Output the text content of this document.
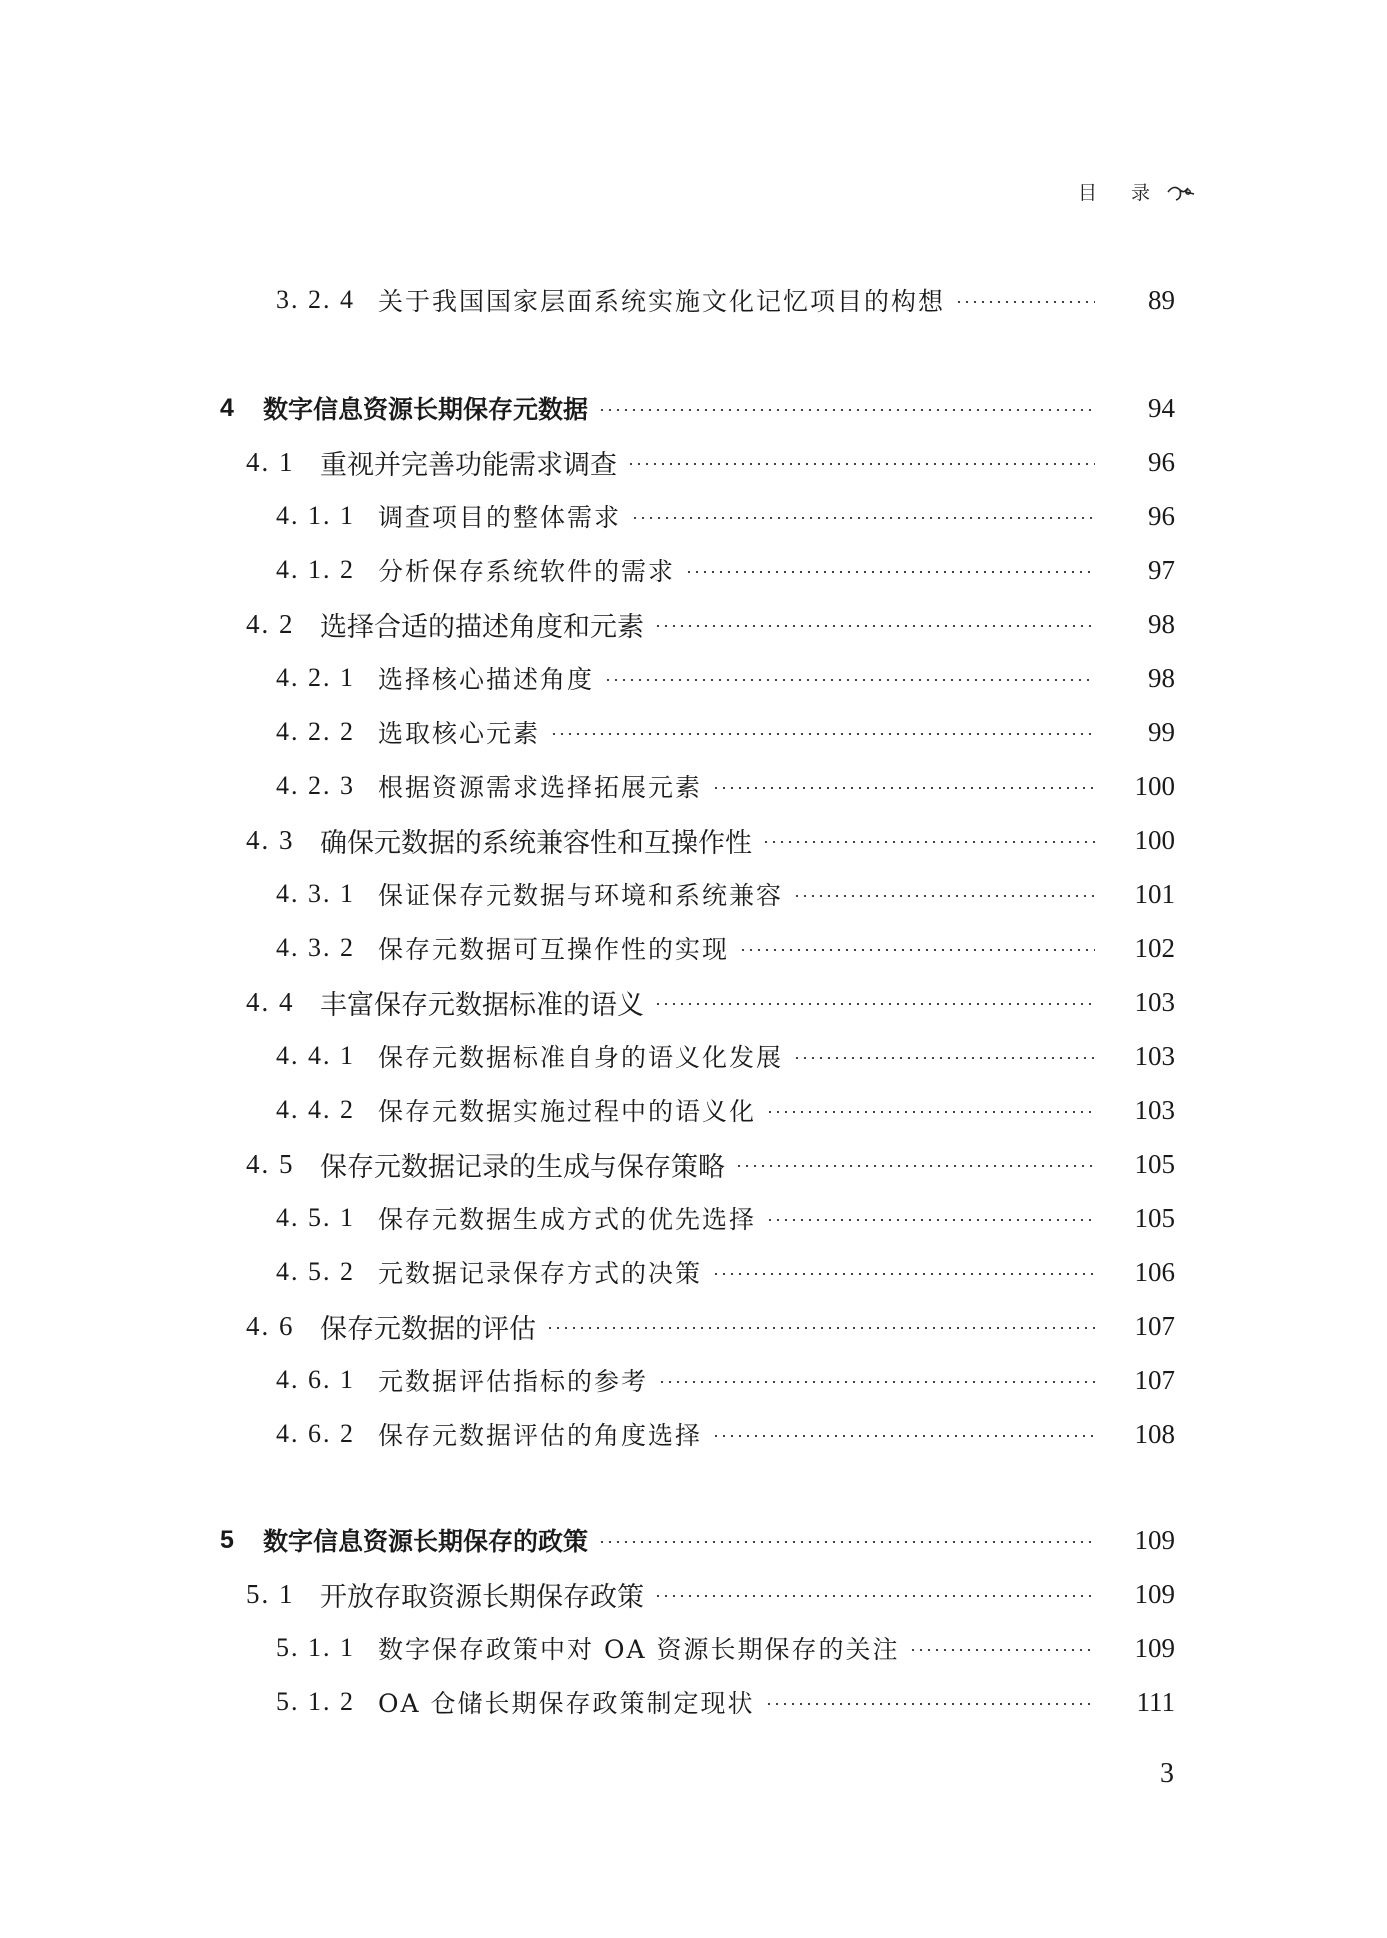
目 录
3. 2. 4 关于我国国家层面系统实施文化记忆项目的构想	89
4	数字信息资源长期保存元数据	94
4. 1 重视并完善功能需求调查	96
4. 1. 1 调查项目的整体需求	96
4. 1. 2 分析保存系统软件的需求	97
4. 2 选择合适的描述角度和元素	98
4. 2. 1 选择核心描述角度	98
4. 2. 2 选取核心元素	99
4. 2. 3 根据资源需求选择拓展元素	100
4. 3 确保元数据的系统兼容性和互操作性	100
4. 3. 1 保证保存元数据与环境和系统兼容	101
4. 3. 2 保存元数据可互操作性的实现	102
4. 4 丰富保存元数据标准的语义	103
4. 4. 1 保存元数据标准自身的语义化发展	103
4. 4. 2 保存元数据实施过程中的语义化	103
4. 5 保存元数据记录的生成与保存策略	105
4. 5. 1 保存元数据生成方式的优先选择	105
4. 5. 2 元数据记录保存方式的决策	106
4. 6 保存元数据的评估	107
4. 6. 1 元数据评估指标的参考	107
4. 6. 2 保存元数据评估的角度选择	108
5	数字信息资源长期保存的政策	109
5. 1 开放存取资源长期保存政策	109
5. 1. 1 数字保存政策中对 OA 资源长期保存的关注	109
5. 1. 2 OA 仓储长期保存政策制定现状	111
3
